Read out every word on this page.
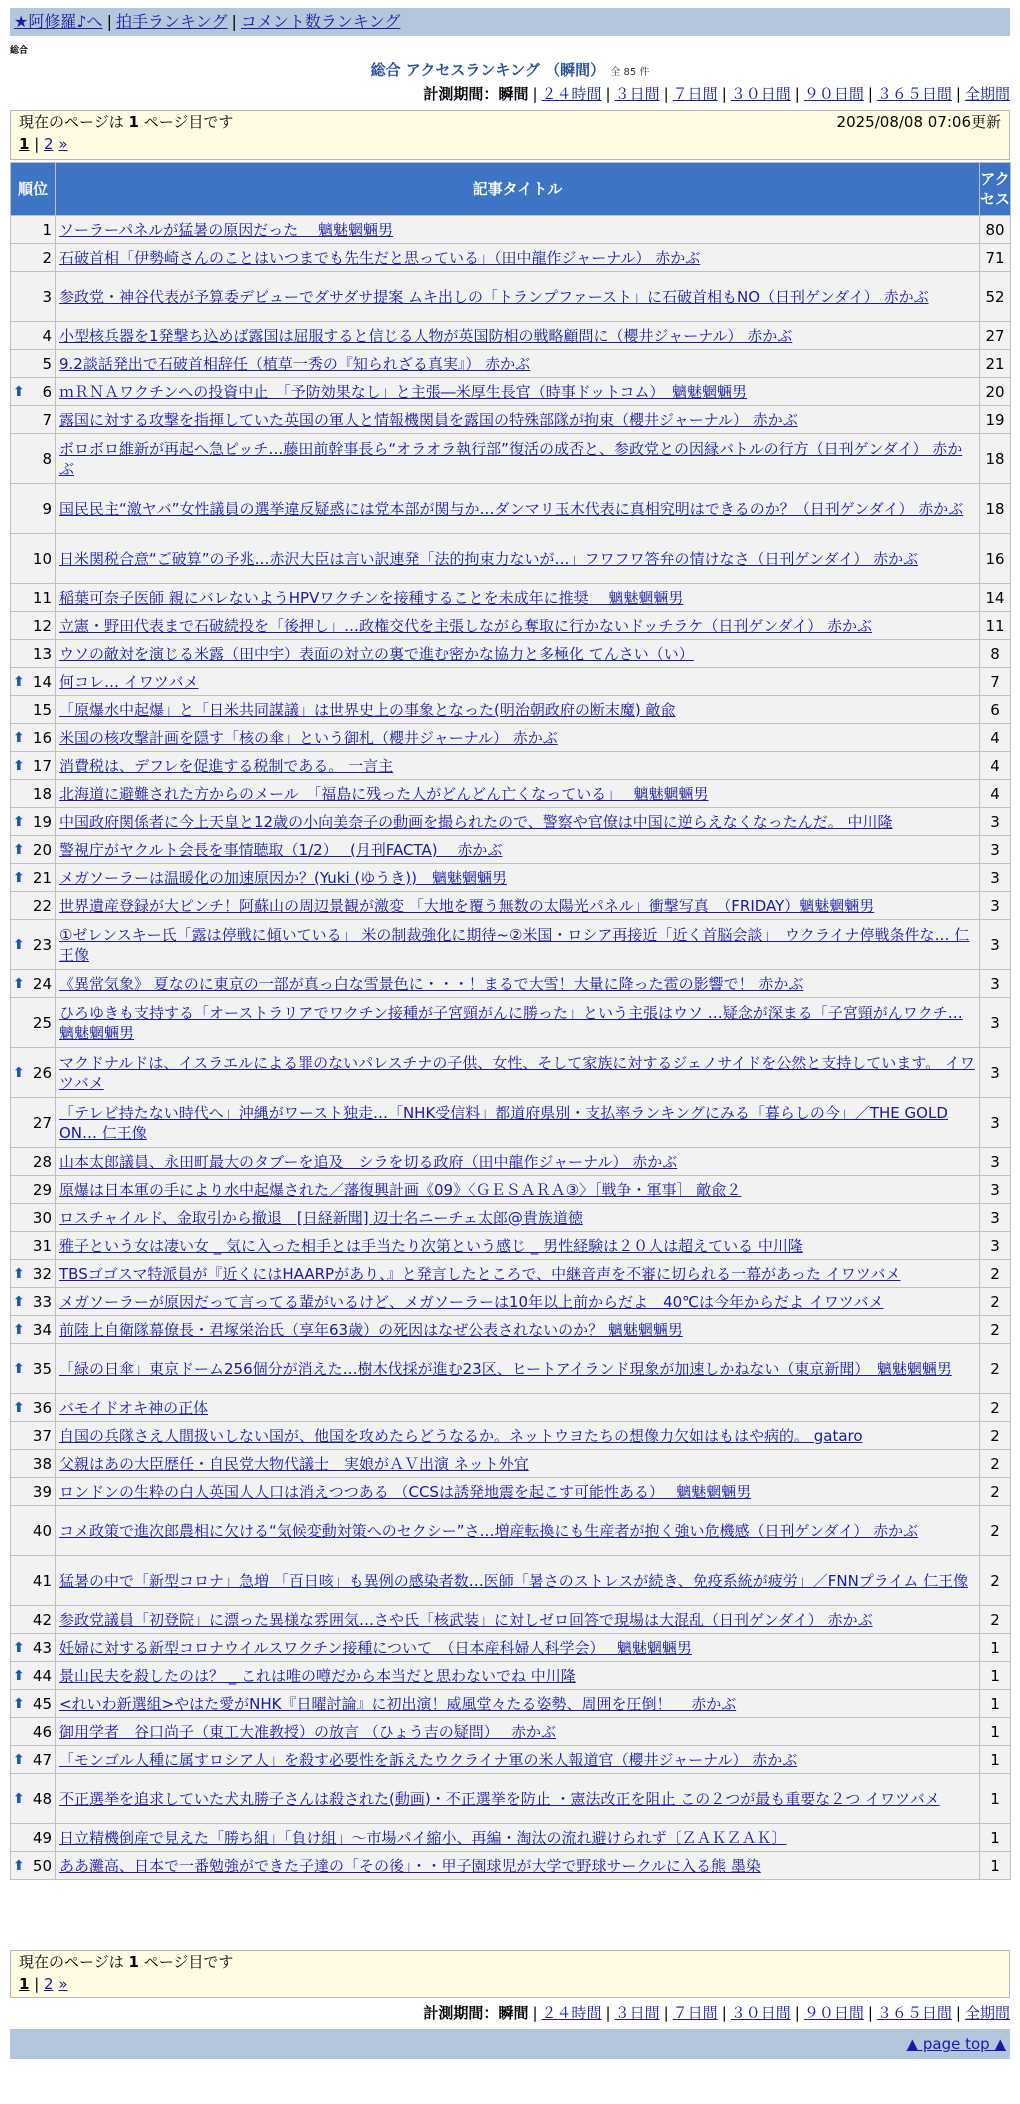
★阿修羅♪へ | 拍手ランキング | コメント数ランキング
総合
総合 アクセスランキング （瞬間） 全 85 件
計測期間：瞬間 | ２４時間 | ３日間 | ７日間 | ３０日間 | ９０日間 | ３６５日間 | 全期間
現在のページは 1 ページ目です	2025/08/08 07:06更新
1 | 2 »
順位	記事タイトル	アクセス
1	ソーラーパネルが猛暑の原因だった　 魑魅魍魎男	80
2	石破首相「伊勢崎さんのことはいつまでも先生だと思っている」（田中龍作ジャーナル） 赤かぶ	71
3	参政党・神谷代表が予算委デビューでダサダサ提案 ムキ出しの「トランプファースト」に石破首相もNO（日刊ゲンダイ） 赤かぶ	52
4	小型核兵器を1発撃ち込めば露国は屈服すると信じる人物が英国防相の戦略顧問に（櫻井ジャーナル） 赤かぶ	27
5	9.2談話発出で石破首相辞任（植草一秀の『知られざる真実』） 赤かぶ	21

⬆ 6	ｍＲＮＡワクチンへの投資中止　「予防効果なし」と主張―米厚生長官（時事ドットコム）　魑魅魍魎男	20
7	露国に対する攻撃を指揮していた英国の軍人と情報機関員を露国の特殊部隊が拘束（櫻井ジャーナル） 赤かぶ	19
8	ボロボロ維新が再起へ急ピッチ…藤田前幹事長ら“オラオラ執行部”復活の成否と、参政党との因縁バトルの行方（日刊ゲンダイ） 赤かぶ	18
9	国民民主“激ヤバ”女性議員の選挙違反疑惑には党本部が関与か…ダンマリ玉木代表に真相究明はできるのか？（日刊ゲンダイ） 赤かぶ	18
10	日米関税合意“ご破算”の予兆…赤沢大臣は言い訳連発「法的拘束力ないが…」フワフワ答弁の情けなさ（日刊ゲンダイ） 赤かぶ	16
11	稲葉可奈子医師 親にバレないようHPVワクチンを接種することを未成年に推奨　 魑魅魍魎男	14
12	立憲・野田代表まで石破続投を「後押し」…政権交代を主張しながら奪取に行かないドッチラケ（日刊ゲンダイ） 赤かぶ	11
13	ウソの敵対を演じる米露（田中宇）表面の対立の裏で進む密かな協力と多極化 てんさい（い）	8

⬆ 14	何コレ… イワツバメ	7
15	「原爆水中起爆」と「日米共同謀議」は世界史上の事象となった(明治朝政府の断末魔) 敵兪	6

⬆ 16	米国の核攻撃計画を隠す「核の傘」という御札（櫻井ジャーナル） 赤かぶ	4

⬆ 17	消費税は、デフレを促進する税制である。 一言主	4
18	北海道に避難された方からのメール　「福島に残った人がどんどん亡くなっている」　 魑魅魍魎男	4

⬆ 19	中国政府関係者に今上天皇と12歳の小向美奈子の動画を撮られたので、警察や官僚は中国に逆らえなくなったんだ。 中川隆	3

⬆ 20	警視庁がヤクルト会長を事情聴取（1/2）　 (月刊FACTA)　 赤かぶ	3

⬆ 21	メガソーラーは温暖化の加速原因か？(Yuki (ゆうき))　魑魅魍魎男	3
22	世界遺産登録が大ピンチ！阿蘇山の周辺景観が激変 「大地を覆う無数の太陽光パネル」衝撃写真　（FRIDAY）魑魅魍魎男	3

⬆ 23	①ゼレンスキー氏「露は停戦に傾いている」 米の制裁強化に期待~②米国・ロシア再接近「近く首脳会談」　ウクライナ停戦条件な… 仁王像	3

⬆ 24	《異常気象》 夏なのに東京の一部が真っ白な雪景色に・・・！まるで大雪！大量に降った雹の影響で！ 赤かぶ	3
25	ひろゆきも支持する「オーストラリアでワクチン接種が子宮頸がんに勝った」という主張はウソ …疑念が深まる「子宮頸がんワクチ… 魑魅魍魎男	3

⬆ 26	マクドナルドは、イスラエルによる罪のないパレスチナの子供、女性、そして家族に対するジェノサイドを公然と支持しています。 イワツバメ	3
27	「テレビ持たない時代へ」沖縄がワースト独走…「NHK受信料」都道府県別・支払率ランキングにみる「暮らしの今」／THE GOLD ON… 仁王像	3
28	山本太郎議員、永田町最大のタブーを追及　シラを切る政府（田中龍作ジャーナル） 赤かぶ	3
29	原爆は日本軍の手により水中起爆された／藩復興計画《09》〈ＧＥＳＡＲＡ③〉［戦争・軍事］ 敵兪２	3
30	ロスチャイルド、金取引から撤退　[日経新聞] 辺士名ニーチェ太郎@貴族道徳	3
31	雅子という女は凄い女 _ 気に入った相手とは手当たり次第という感じ _ 男性経験は２０人は超えている 中川隆	3

⬆ 32	TBSゴゴスマ特派員が『近くにはHAARPがあり、』と発言したところで、中継音声を不審に切られる一幕があった イワツバメ	2

⬆ 33	メガソーラーが原因だって言ってる輩がいるけど、メガソーラーは10年以上前からだよ　40℃は今年からだよ イワツバメ	2

⬆ 34	前陸上自衛隊幕僚長・君塚栄治氏（享年63歳）の死因はなぜ公表されないのか？ 魑魅魍魎男	2

⬆ 35	「緑の日傘」東京ドーム256個分が消えた…樹木伐採が進む23区、ヒートアイランド現象が加速しかねない（東京新聞）　魑魅魍魎男	2

⬆ 36	バモイドオキ神の正体	2
37	自国の兵隊さえ人間扱いしない国が、他国を攻めたらどうなるか。ネットウヨたちの想像力欠如はもはや病的。 gataro	2
38	父親はあの大臣歴任・自民党大物代議士　実娘がＡＶ出演 ネット外宜	2
39	ロンドンの生粋の白人英国人人口は消えつつある （CCSは誘発地震を起こす可能性ある）　 魑魅魍魎男	2
40	コメ政策で進次郎農相に欠ける“気候変動対策へのセクシー”さ…増産転換にも生産者が抱く強い危機感（日刊ゲンダイ） 赤かぶ	2
41	猛暑の中で「新型コロナ」急増 「百日咳」も異例の感染者数…医師「暑さのストレスが続き、免疫系統が疲労」／FNNプライム 仁王像	2
42	参政党議員「初登院」に漂った異様な雰囲気…さや氏「核武装」に対しゼロ回答で現場は大混乱（日刊ゲンダイ） 赤かぶ	2

⬆ 43	妊婦に対する新型コロナウイルスワクチン接種について　（日本産科婦人科学会）　 魑魅魍魎男	1

⬆ 44	景山民夫を殺したのは？ _ これは唯の噂だから本当だと思わないでね 中川隆	1

⬆ 45	<れいわ新選組>やはた愛がNHK『日曜討論』に初出演！威風堂々たる姿勢、周囲を圧倒！　 赤かぶ	1
46	御用学者　谷口尚子（東工大准教授）の放言 （ひょう吉の疑問）　 赤かぶ	1

⬆ 47	「モンゴル人種に属すロシア人」を殺す必要性を訴えたウクライナ軍の米人報道官（櫻井ジャーナル） 赤かぶ	1

⬆ 48	不正選挙を追求していた犬丸勝子さんは殺された(動画)・不正選挙を防止 ・憲法改正を阻止 この２つが最も重要な２つ イワツバメ	1
49	日立精機倒産で見えた「勝ち組」「負け組」～市場パイ縮小、再編・淘汰の流れ避けられず〔ＺＡＫＺＡＫ〕	1

⬆ 50	ああ灘高、日本で一番勉強ができた子達の「その後」・・甲子園球児が大学で野球サークルに入る熊 墨染	1
現在のページは 1 ページ目です
1 | 2 »
計測期間：瞬間 | ２４時間 | ３日間 | ７日間 | ３０日間 | ９０日間 | ３６５日間 | 全期間
▲ page top ▲
